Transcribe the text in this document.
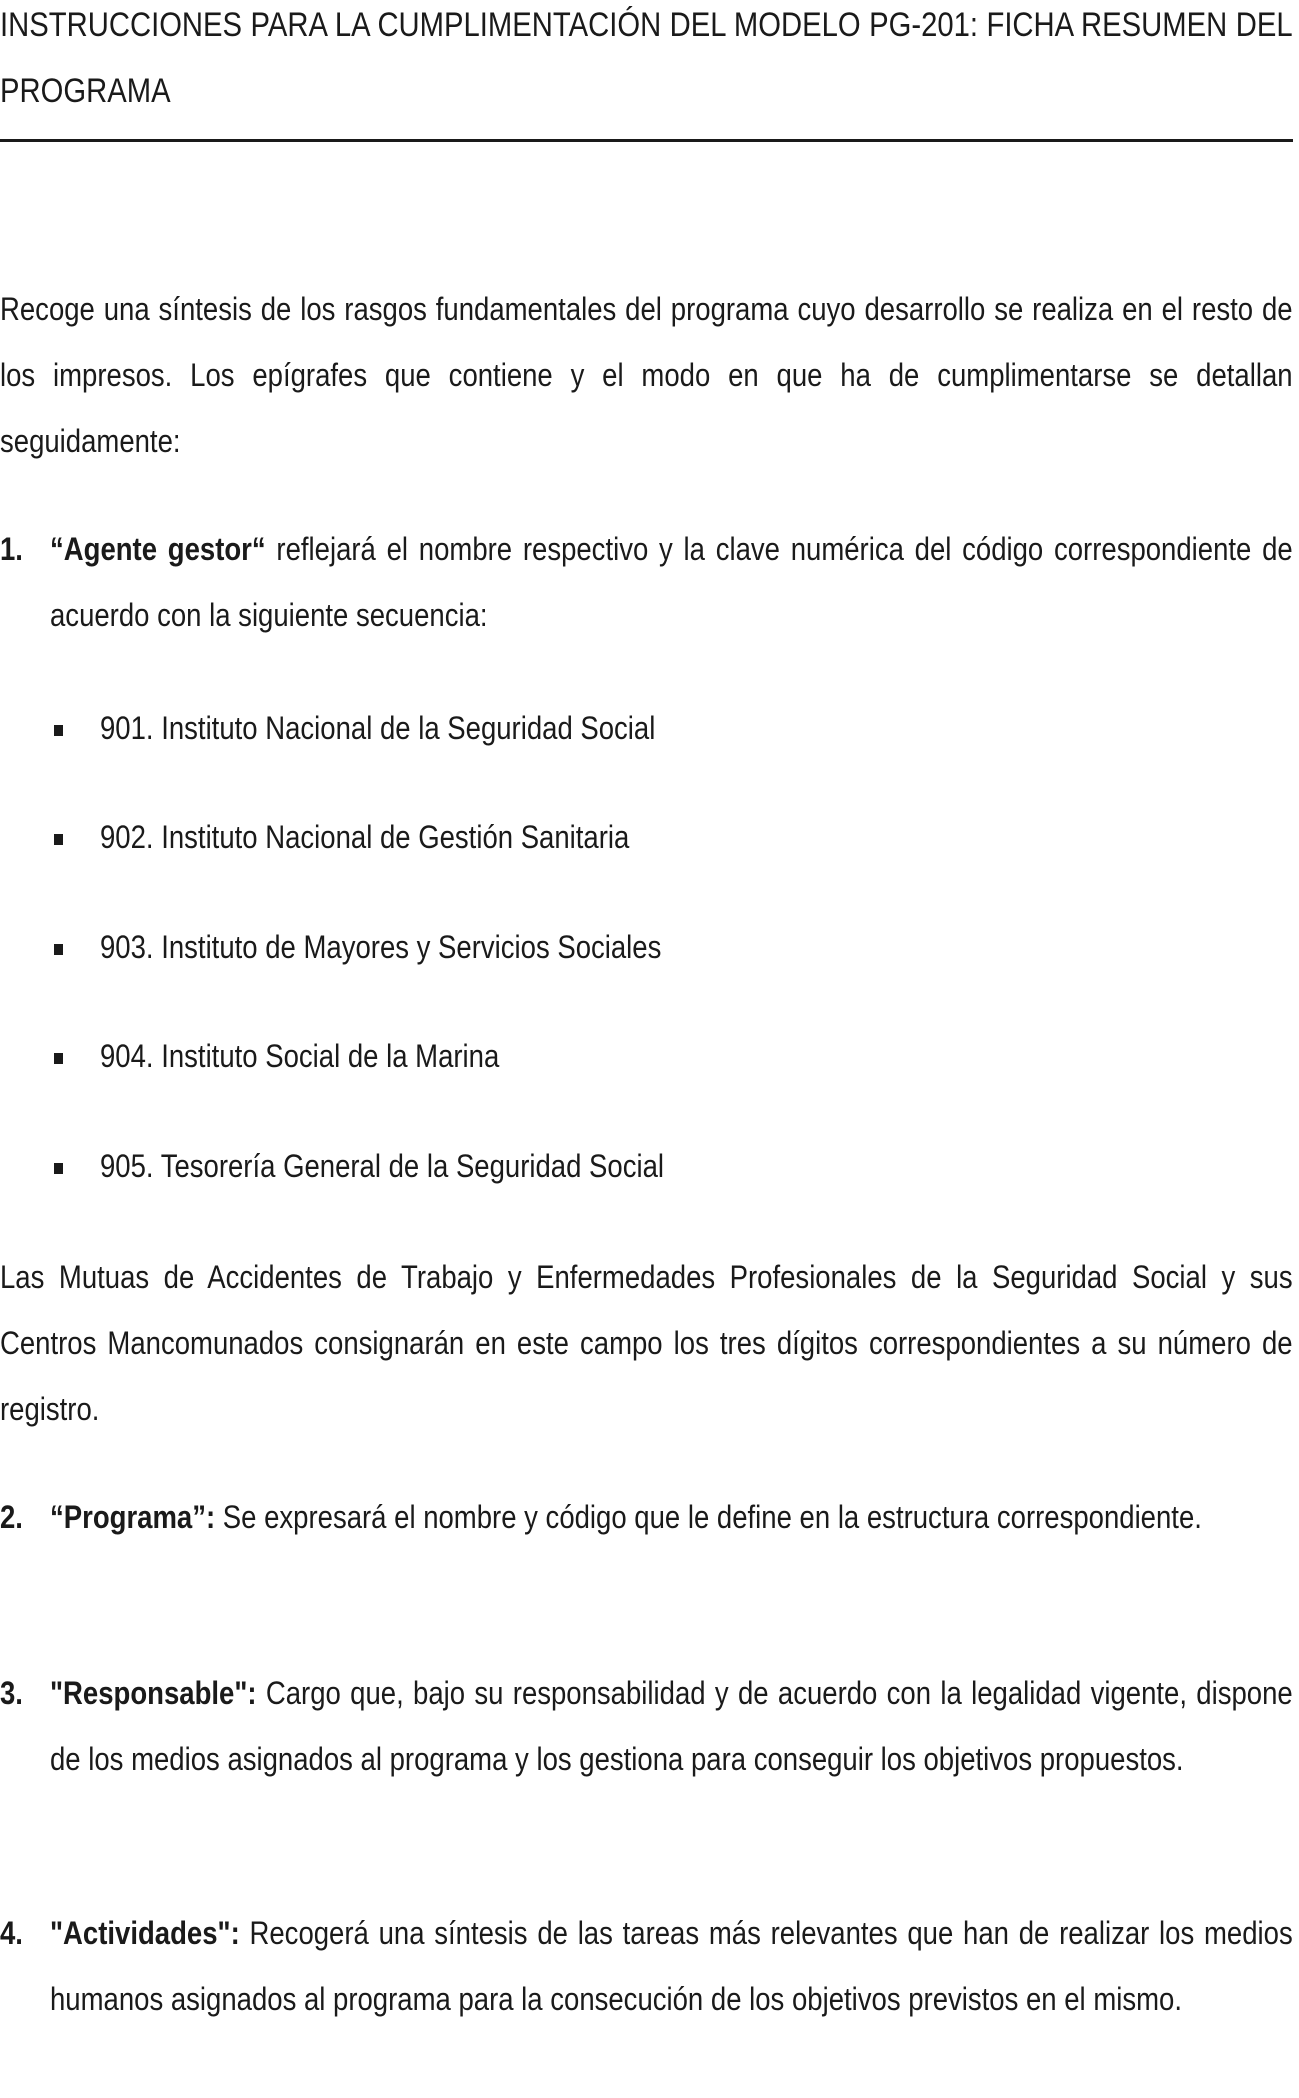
INSTRUCCIONES PARA LA CUMPLIMENTACIÓN DEL MODELO PG-201: FICHA RESUMEN DEL PROGRAMA

Recoge una síntesis de los rasgos fundamentales del programa cuyo desarrollo se realiza en el resto de los impresos. Los epígrafes que contiene y el modo en que ha de cumplimentarse se detallan seguidamente:

1. “Agente gestor“ reflejará el nombre respectivo y la clave numérica del código correspondiente de acuerdo con la siguiente secuencia:

901. Instituto Nacional de la Seguridad Social
902. Instituto Nacional de Gestión Sanitaria
903. Instituto de Mayores y Servicios Sociales
904. Instituto Social de la Marina
905. Tesorería General de la Seguridad Social

Las Mutuas de Accidentes de Trabajo y Enfermedades Profesionales de la Seguridad Social y sus Centros Mancomunados consignarán en este campo los tres dígitos correspondientes a su número de registro.

2. “Programa”: Se expresará el nombre y código que le define en la estructura correspondiente.

3. "Responsable": Cargo que, bajo su responsabilidad y de acuerdo con la legalidad vigente, dispone de los medios asignados al programa y los gestiona para conseguir los objetivos propuestos.

4. "Actividades": Recogerá una síntesis de las tareas más relevantes que han de realizar los medios humanos asignados al programa para la consecución de los objetivos previstos en el mismo.
